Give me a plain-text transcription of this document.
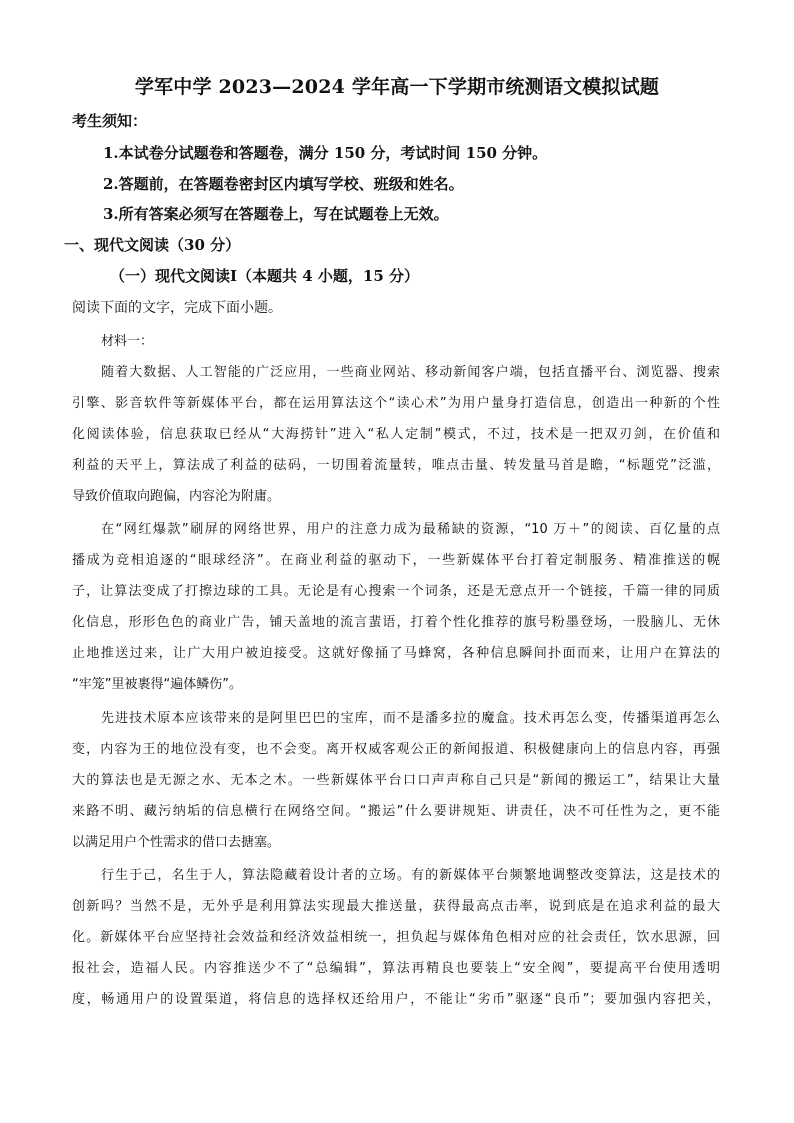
学军中学 2023—2024 学年高一下学期市统测语文模拟试题
考生须知：
1.本试卷分试题卷和答题卷，满分 150 分，考试时间 150 分钟。
2.答题前，在答题卷密封区内填写学校、班级和姓名。
3.所有答案必须写在答题卷上，写在试题卷上无效。
一、现代文阅读（30 分）
（一）现代文阅读Ⅰ（本题共 4 小题，15 分）
阅读下面的文字，完成下面小题。
材料一：
随着大数据、人工智能的广泛应用，一些商业网站、移动新闻客户端，包括直播平台、浏览器、搜索
引擎、影音软件等新媒体平台，都在运用算法这个“读心术”为用户量身打造信息，创造出一种新的个性
化阅读体验，信息获取已经从“大海捞针”进入“私人定制”模式，不过，技术是一把双刃剑，在价值和
利益的天平上，算法成了利益的砝码，一切围着流量转，唯点击量、转发量马首是瞻，“标题党”泛滥，
导致价值取向跑偏，内容沦为附庸。
在“网红爆款”刷屏的网络世界，用户的注意力成为最稀缺的资源，“10 万＋”的阅读、百亿量的点
播成为竞相追逐的“眼球经济”。在商业利益的驱动下，一些新媒体平台打着定制服务、精准推送的幌
子，让算法变成了打擦边球的工具。无论是有心搜索一个词条，还是无意点开一个链接，千篇一律的同质
化信息，形形色色的商业广告，铺天盖地的流言蜚语，打着个性化推荐的旗号粉墨登场，一股脑儿、无休
止地推送过来，让广大用户被迫接受。这就好像捅了马蜂窝，各种信息瞬间扑面而来，让用户在算法的
“牢笼”里被裹得“遍体鳞伤”。
先进技术原本应该带来的是阿里巴巴的宝库，而不是潘多拉的魔盒。技术再怎么变，传播渠道再怎么
变，内容为王的地位没有变，也不会变。离开权威客观公正的新闻报道、积极健康向上的信息内容，再强
大的算法也是无源之水、无本之木。一些新媒体平台口口声声称自己只是“新闻的搬运工”，结果让大量
来路不明、藏污纳垢的信息横行在网络空间。“搬运”什么要讲规矩、讲责任，决不可任性为之，更不能
以满足用户个性需求的借口去搪塞。
行生于己，名生于人，算法隐藏着设计者的立场。有的新媒体平台频繁地调整改变算法，这是技术的
创新吗？当然不是，无外乎是利用算法实现最大推送量，获得最高点击率，说到底是在追求利益的最大
化。新媒体平台应坚持社会效益和经济效益相统一，担负起与媒体角色相对应的社会责任，饮水思源，回
报社会，造福人民。内容推送少不了“总编辑”，算法再精良也要装上“安全阀”，要提高平台使用透明
度，畅通用户的设置渠道，将信息的选择权还给用户，不能让“劣币”驱逐“良币”；要加强内容把关，
